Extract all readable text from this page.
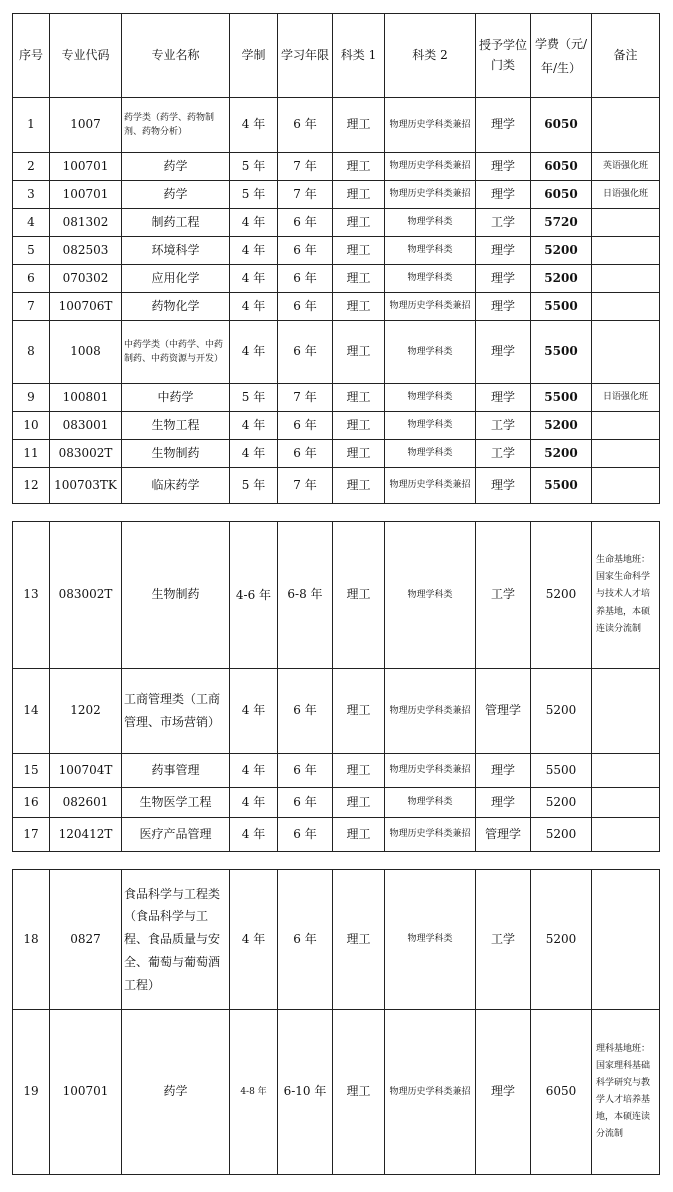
序号	专业代码	专业名称	学制	学习年限	科类 1	科类 2	授予学位门类	学费（元/年/生）	备注
1	1007	药学类（药学、药物制剂、药物分析）	4 年	6 年	理工	物理历史学科类兼招	理学	6050	
2	100701	药学	5 年	7 年	理工	物理历史学科类兼招	理学	6050	英语强化班
3	100701	药学	5 年	7 年	理工	物理历史学科类兼招	理学	6050	日语强化班
4	081302	制药工程	4 年	6 年	理工	物理学科类	工学	5720	
5	082503	环境科学	4 年	6 年	理工	物理学科类	理学	5200	
6	070302	应用化学	4 年	6 年	理工	物理学科类	理学	5200	
7	100706T	药物化学	4 年	6 年	理工	物理历史学科类兼招	理学	5500	
8	1008	中药学类（中药学、中药制药、中药资源与开发）	4 年	6 年	理工	物理学科类	理学	5500	
9	100801	中药学	5 年	7 年	理工	物理学科类	理学	5500	日语强化班
10	083001	生物工程	4 年	6 年	理工	物理学科类	工学	5200	
11	083002T	生物制药	4 年	6 年	理工	物理学科类	工学	5200	
12	100703TK	临床药学	5 年	7 年	理工	物理历史学科类兼招	理学	5500	
13	083002T	生物制药	4-6 年	6-8 年	理工	物理学科类	工学	5200	生命基地班：国家生命科学与技术人才培养基地，本硕连读分流制
14	1202	工商管理类（工商管理、市场营销）	4 年	6 年	理工	物理历史学科类兼招	管理学	5200	
15	100704T	药事管理	4 年	6 年	理工	物理历史学科类兼招	理学	5500	
16	082601	生物医学工程	4 年	6 年	理工	物理学科类	理学	5200	
17	120412T	医疗产品管理	4 年	6 年	理工	物理历史学科类兼招	管理学	5200	
18	0827	食品科学与工程类（食品科学与工程、食品质量与安全、葡萄与葡萄酒工程）	4 年	6 年	理工	物理学科类	工学	5200	
19	100701	药学	4-8 年	6-10 年	理工	物理历史学科类兼招	理学	6050	理科基地班：国家理科基础科学研究与教学人才培养基地，本硕连读分流制
